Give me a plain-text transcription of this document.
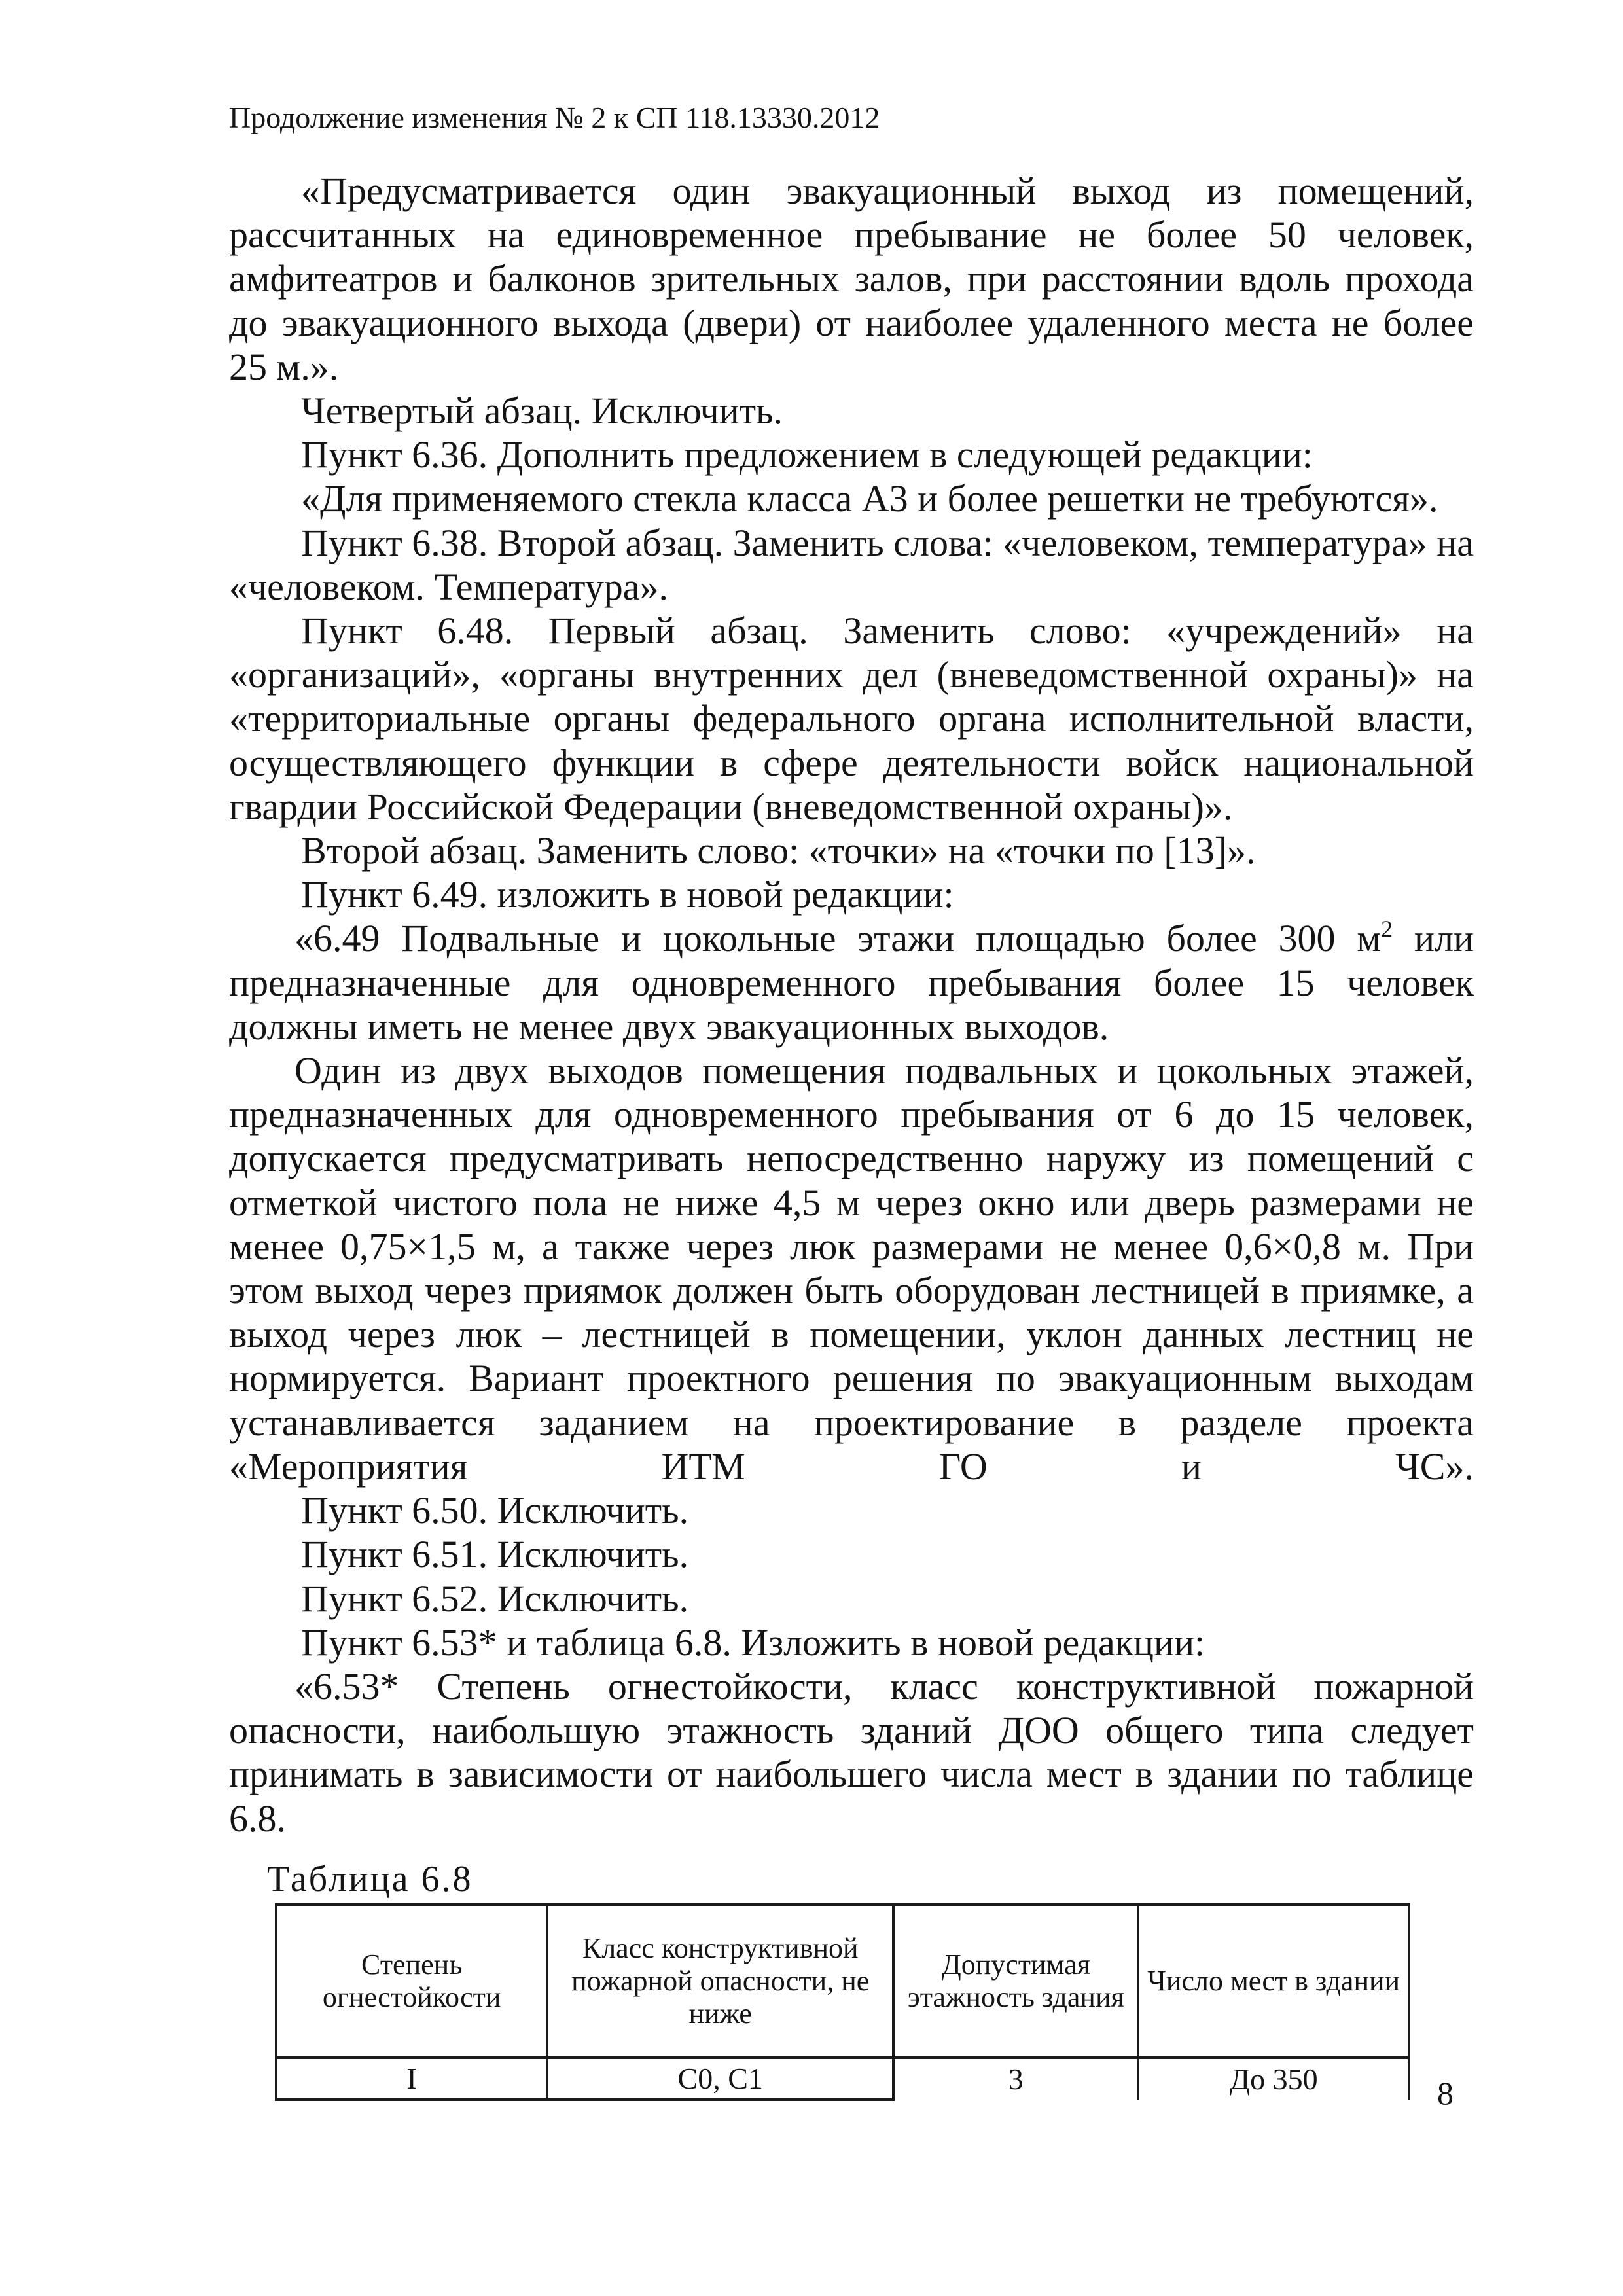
Продолжение изменения № 2 к СП 118.13330.2012

«Предусматривается один эвакуационный выход из помещений, рассчитанных на единовременное пребывание не более 50 человек, амфитеатров и балконов зрительных залов, при расстоянии вдоль прохода до эвакуационного выхода (двери) от наиболее удаленного места не более 25 м.».

Четвертый абзац. Исключить.

Пункт 6.36. Дополнить предложением в следующей редакции:

«Для применяемого стекла класса А3 и более решетки не требуются».

Пункт 6.38. Второй абзац. Заменить слова: «человеком, температура» на «человеком. Температура».

Пункт 6.48. Первый абзац. Заменить слово: «учреждений» на «организаций», «органы внутренних дел (вневедомственной охраны)» на «территориальные органы федерального органа исполнительной власти, осуществляющего функции в сфере деятельности войск национальной гвардии Российской Федерации (вневедомственной охраны)».

Второй абзац. Заменить слово: «точки» на «точки по [13]».

Пункт 6.49. изложить в новой редакции:

«6.49 Подвальные и цокольные этажи площадью более 300 $м^2$ или предназначенные для одновременного пребывания более 15 человек должны иметь не менее двух эвакуационных выходов.

Один из двух выходов помещения подвальных и цокольных этажей, предназначенных для одновременного пребывания от 6 до 15 человек, допускается предусматривать непосредственно наружу из помещений с отметкой чистого пола не ниже 4,5 м через окно или дверь размерами не менее 0,75×1,5 м, а также через люк размерами не менее 0,6×0,8 м. При этом выход через приямок должен быть оборудован лестницей в приямке, а выход через люк – лестницей в помещении, уклон данных лестниц не нормируется. Вариант проектного решения по эвакуационным выходам устанавливается заданием на проектирование в разделе проекта «Мероприятия ИТМ ГО и ЧС».

Пункт 6.50. Исключить.

Пункт 6.51. Исключить.

Пункт 6.52. Исключить.

Пункт 6.53* и таблица 6.8. Изложить в новой редакции:

«6.53* Степень огнестойкости, класс конструктивной пожарной опасности, наибольшую этажность зданий ДОО общего типа следует принимать в зависимости от наибольшего числа мест в здании по таблице 6.8.

Таблица 6.8
Степень огнестойкости	Класс конструктивной пожарной опасности, не ниже	Допустимая этажность здания	Число мест в здании
I	С0, С1	3	До 350	8
